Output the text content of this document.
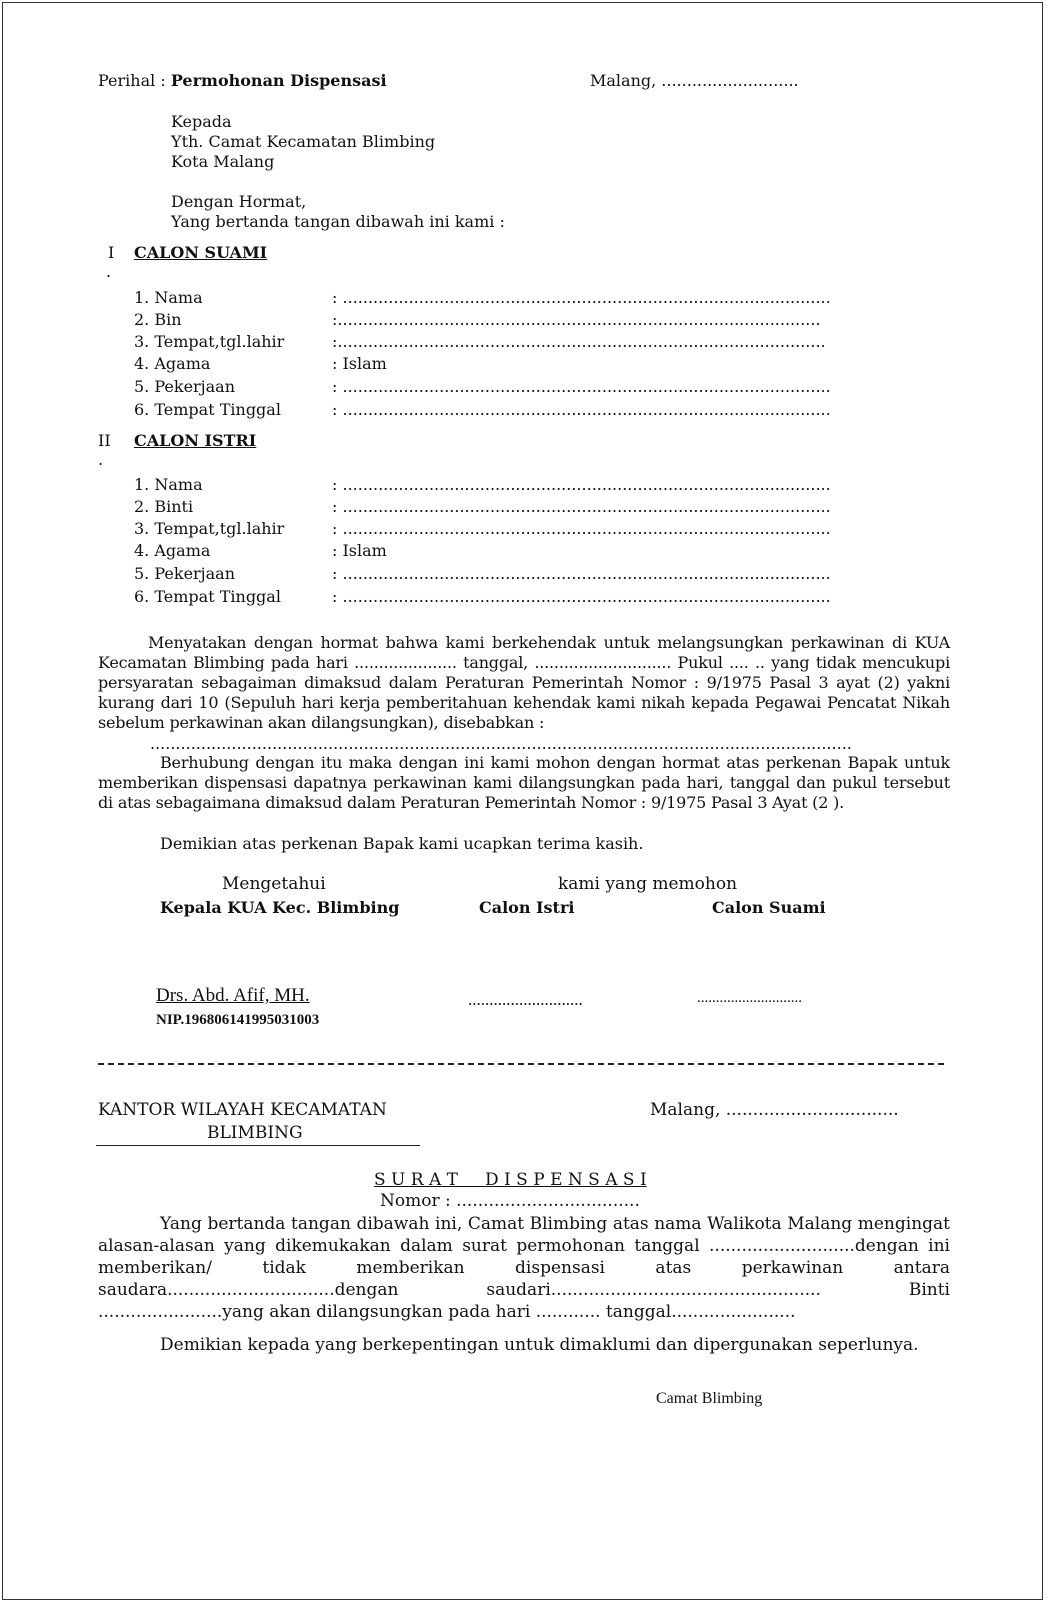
Perihal : Permohonan Dispensasi	Malang, ...........................
Kepada
Yth. Camat Kecamatan Blimbing
Kota Malang
Dengan Hormat,
Yang bertanda tangan dibawah ini kami :
I
.
CALON SUAMI
1. Nama	: ................................................................................................
2. Bin	:...............................................................................................
3. Tempat,tgl.lahir	:................................................................................................
4. Agama	: Islam
5. Pekerjaan	: ................................................................................................
6. Tempat Tinggal	: ................................................................................................
II
.
CALON ISTRI
1. Nama	: ................................................................................................
2. Binti	: ................................................................................................
3. Tempat,tgl.lahir	: ................................................................................................
4. Agama	: Islam
5. Pekerjaan	: ................................................................................................
6. Tempat Tinggal	: ................................................................................................

Menyatakan dengan hormat bahwa kami berkehendak untuk melangsungkan perkawinan di KUA Kecamatan Blimbing pada hari ..................... tanggal, ............................ Pukul .... .. yang tidak mencukupi persyaratan sebagaiman dimaksud dalam Peraturan Pemerintah Nomor : 9/1975 Pasal 3 ayat (2) yakni kurang dari 10 (Sepuluh hari kerja pemberitahuan kehendak kami nikah kepada Pegawai Pencatat Nikah sebelum perkawinan akan dilangsungkan), disebabkan :

..........................................................................................................................................

Berhubung dengan itu maka dengan ini kami mohon dengan hormat atas perkenan Bapak untuk memberikan dispensasi dapatnya perkawinan kami dilangsungkan pada hari, tanggal dan pukul tersebut di atas sebagaimana dimaksud dalam Peraturan Pemerintah Nomor : 9/1975 Pasal 3 Ayat (2 ).

Demikian atas perkenan Bapak kami ucapkan terima kasih.
Mengetahui	kami yang memohon
Kepala KUA Kec. Blimbing	Calon Istri	Calon Suami
Drs. Abd. Afif, MH.
NIP.196806141995031003
...........................	............................
KANTOR WILAYAH KECAMATAN
BLIMBING
Malang, ................................
S U R A T     D I S P E N S A S I
Nomor : ..................................

Yang bertanda tangan dibawah ini, Camat Blimbing atas nama Walikota Malang mengingat alasan-alasan yang dikemukakan dalam surat permohonan tanggal ...........................dengan ini memberikan/ tidak memberikan dispensasi atas perkawinan antara saudara...............................dengan saudari.................................................. Binti .......................yang akan dilangsungkan pada hari ............ tanggal.......................

Demikian kepada yang berkepentingan untuk dimaklumi dan dipergunakan seperlunya.

Camat Blimbing
